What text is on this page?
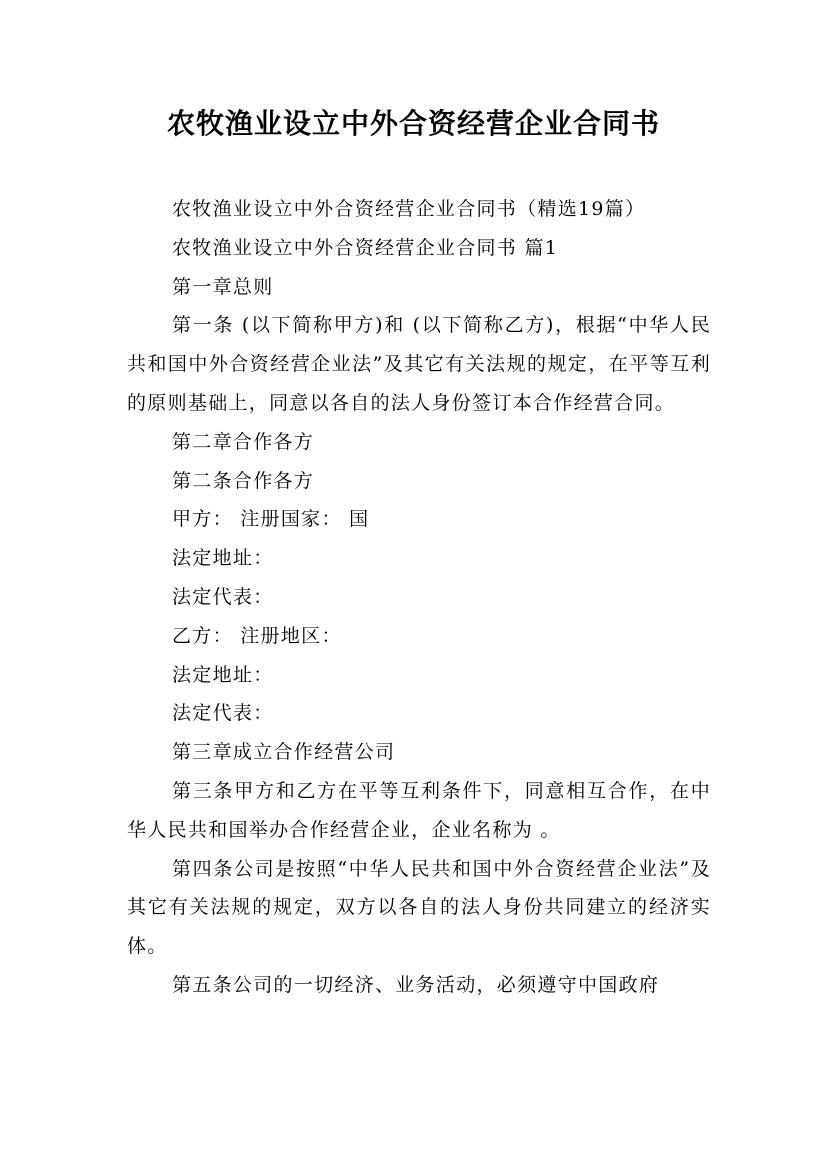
农牧渔业设立中外合资经营企业合同书

农牧渔业设立中外合资经营企业合同书（精选19篇）

农牧渔业设立中外合资经营企业合同书 篇1

第一章总则

第一条 (以下简称甲方)和 (以下简称乙方)，根据“中华人民共和国中外合资经营企业法”及其它有关法规的规定，在平等互利的原则基础上，同意以各自的法人身份签订本合作经营合同。

第二章合作各方

第二条合作各方

甲方： 注册国家： 国

法定地址：

法定代表：

乙方： 注册地区：

法定地址：

法定代表：

第三章成立合作经营公司

第三条甲方和乙方在平等互利条件下，同意相互合作，在中华人民共和国举办合作经营企业，企业名称为 。

第四条公司是按照“中华人民共和国中外合资经营企业法”及其它有关法规的规定，双方以各自的法人身份共同建立的经济实体。

第五条公司的一切经济、业务活动，必须遵守中国政府
